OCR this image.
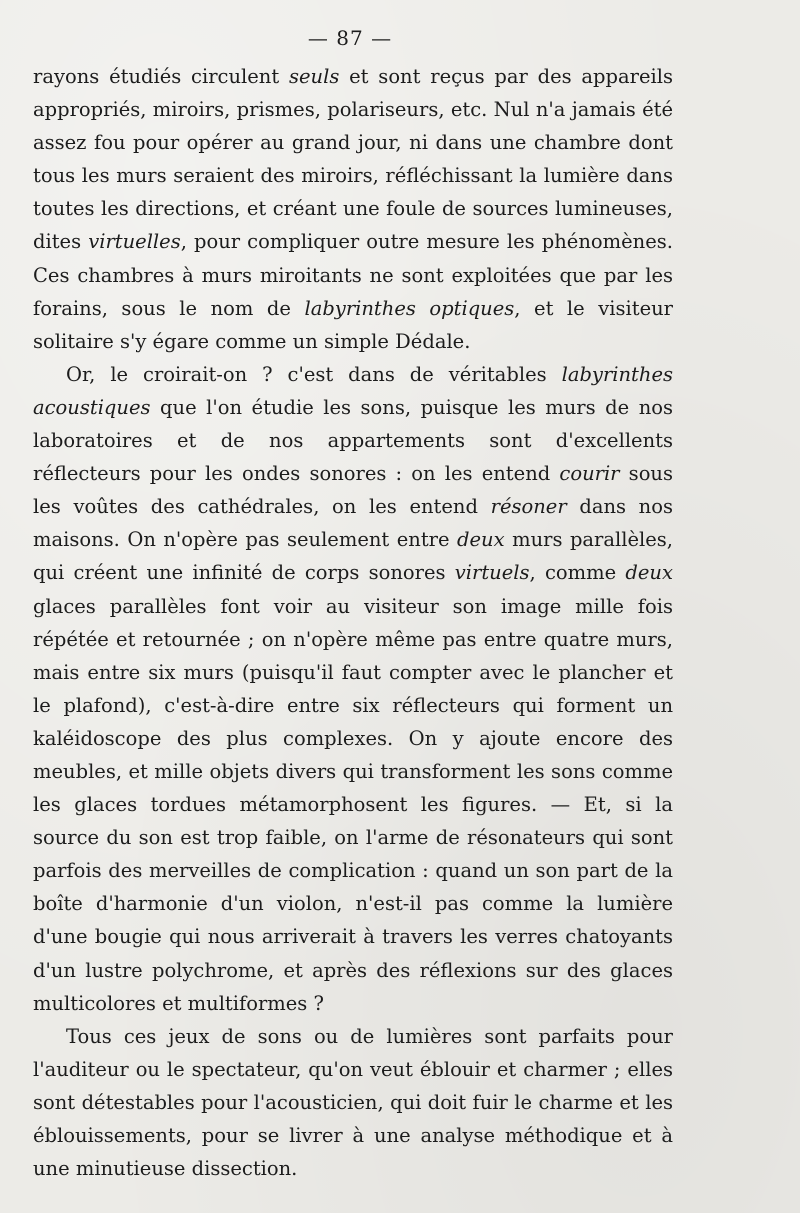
— 87 —

rayons étudiés circulent seuls et sont reçus par des appareils appropriés, miroirs, prismes, polariseurs, etc. Nul n'a jamais été assez fou pour opérer au grand jour, ni dans une chambre dont tous les murs seraient des miroirs, réfléchissant la lumière dans toutes les directions, et créant une foule de sources lumineuses, dites virtuelles, pour compliquer outre mesure les phénomènes. Ces chambres à murs miroitants ne sont exploitées que par les forains, sous le nom de labyrinthes optiques, et le visiteur solitaire s'y égare comme un simple Dédale.

Or, le croirait-on ? c'est dans de véritables labyrinthes acoustiques que l'on étudie les sons, puisque les murs de nos laboratoires et de nos appartements sont d'excellents réflecteurs pour les ondes sonores : on les entend courir sous les voûtes des cathédrales, on les entend résoner dans nos maisons. On n'opère pas seulement entre deux murs parallèles, qui créent une infinité de corps sonores virtuels, comme deux glaces parallèles font voir au visiteur son image mille fois répétée et retournée ; on n'opère même pas entre quatre murs, mais entre six murs (puisqu'il faut compter avec le plancher et le plafond), c'est-à-dire entre six réflecteurs qui forment un kaléidoscope des plus complexes. On y ajoute encore des meubles, et mille objets divers qui transforment les sons comme les glaces tordues métamorphosent les figures. — Et, si la source du son est trop faible, on l'arme de résonateurs qui sont parfois des merveilles de complication : quand un son part de la boîte d'harmonie d'un violon, n'est-il pas comme la lumière d'une bougie qui nous arriverait à travers les verres chatoyants d'un lustre polychrome, et après des réflexions sur des glaces multicolores et multiformes ?

Tous ces jeux de sons ou de lumières sont parfaits pour l'auditeur ou le spectateur, qu'on veut éblouir et charmer ; elles sont détestables pour l'acousticien, qui doit fuir le charme et les éblouissements, pour se livrer à une analyse méthodique et à une minutieuse dissection.
